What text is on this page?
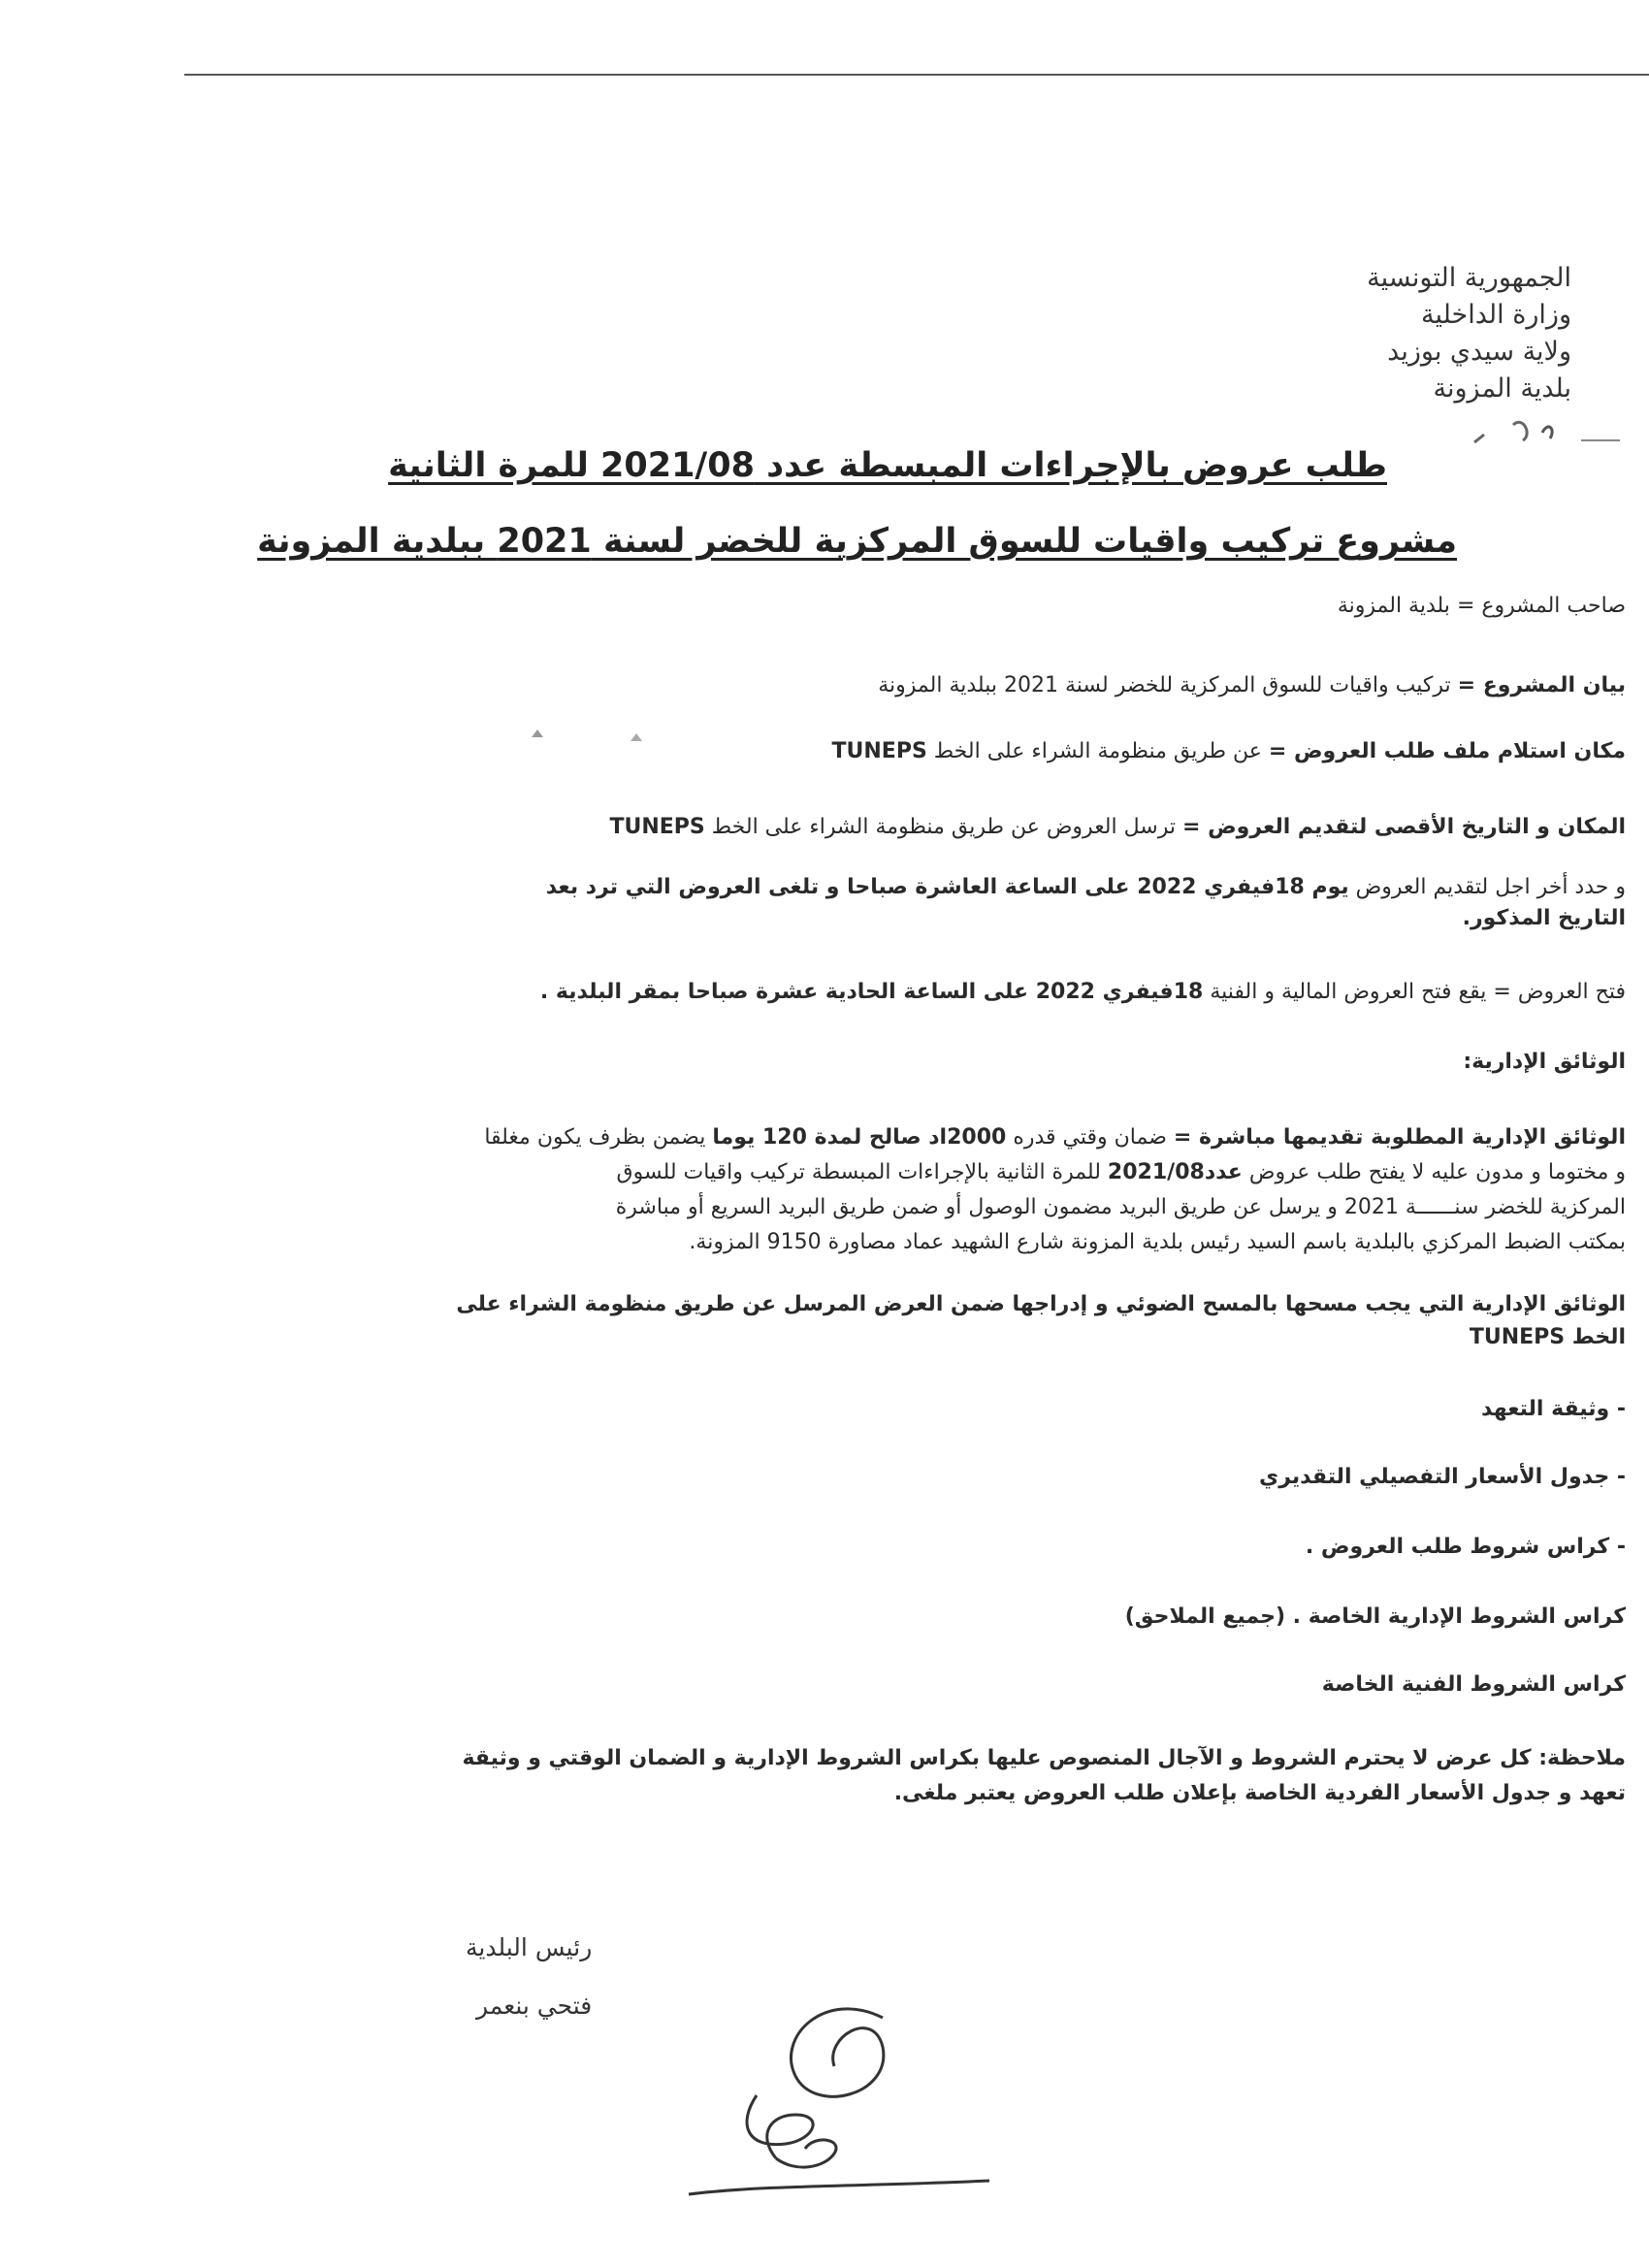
الجمهورية التونسية
وزارة الداخلية
ولاية سيدي بوزيد
بلدية المزونة
طلب عروض بالإجراءات المبسطة عدد 2021/08 للمرة الثانية
مشروع تركيب واقيات للسوق المركزية للخضر لسنة 2021 ببلدية المزونة
صاحب المشروع = بلدية المزونة
بيان المشروع = تركيب واقيات للسوق المركزية للخضر لسنة 2021 ببلدية المزونة
مكان استلام ملف طلب العروض = عن طريق منظومة الشراء على الخط TUNEPS
المكان و التاريخ الأقصى لتقديم العروض = ترسل العروض عن طريق منظومة الشراء على الخط TUNEPS
و حدد أخر اجل لتقديم العروض يوم 18فيفري 2022 على الساعة العاشرة صباحا و تلغى العروض التي ترد بعد
التاريخ المذكور.
فتح العروض = يقع فتح العروض المالية و الفنية 18فيفري 2022 على الساعة الحادية عشرة صباحا بمقر البلدية .
الوثائق الإدارية:
الوثائق الإدارية المطلوبة تقديمها مباشرة = ضمان وقتي قدره 2000اد صالح لمدة 120 يوما يضمن بظرف يكون مغلقا
و مختوما و مدون عليه لا يفتح طلب عروض عدد2021/08 للمرة الثانية بالإجراءات المبسطة تركيب واقيات للسوق
المركزية للخضر سنــــــة 2021 و يرسل عن طريق البريد مضمون الوصول أو ضمن طريق البريد السريع أو مباشرة
بمكتب الضبط المركزي بالبلدية باسم السيد رئيس بلدية المزونة شارع الشهيد عماد مصاورة 9150 المزونة.
الوثائق الإدارية التي يجب مسحها بالمسح الضوئي و إدراجها ضمن العرض المرسل عن طريق منظومة الشراء على
الخط TUNEPS
- وثيقة التعهد
- جدول الأسعار التفصيلي التقديري
- كراس شروط طلب العروض .
كراس الشروط الإدارية الخاصة . (جميع الملاحق)
كراس الشروط الفنية الخاصة
ملاحظة: كل عرض لا يحترم الشروط و الآجال المنصوص عليها بكراس الشروط الإدارية و الضمان الوقتي و وثيقة
تعهد و جدول الأسعار الفردية الخاصة بإعلان طلب العروض يعتبر ملغى.
رئيس البلدية
فتحي بنعمر
